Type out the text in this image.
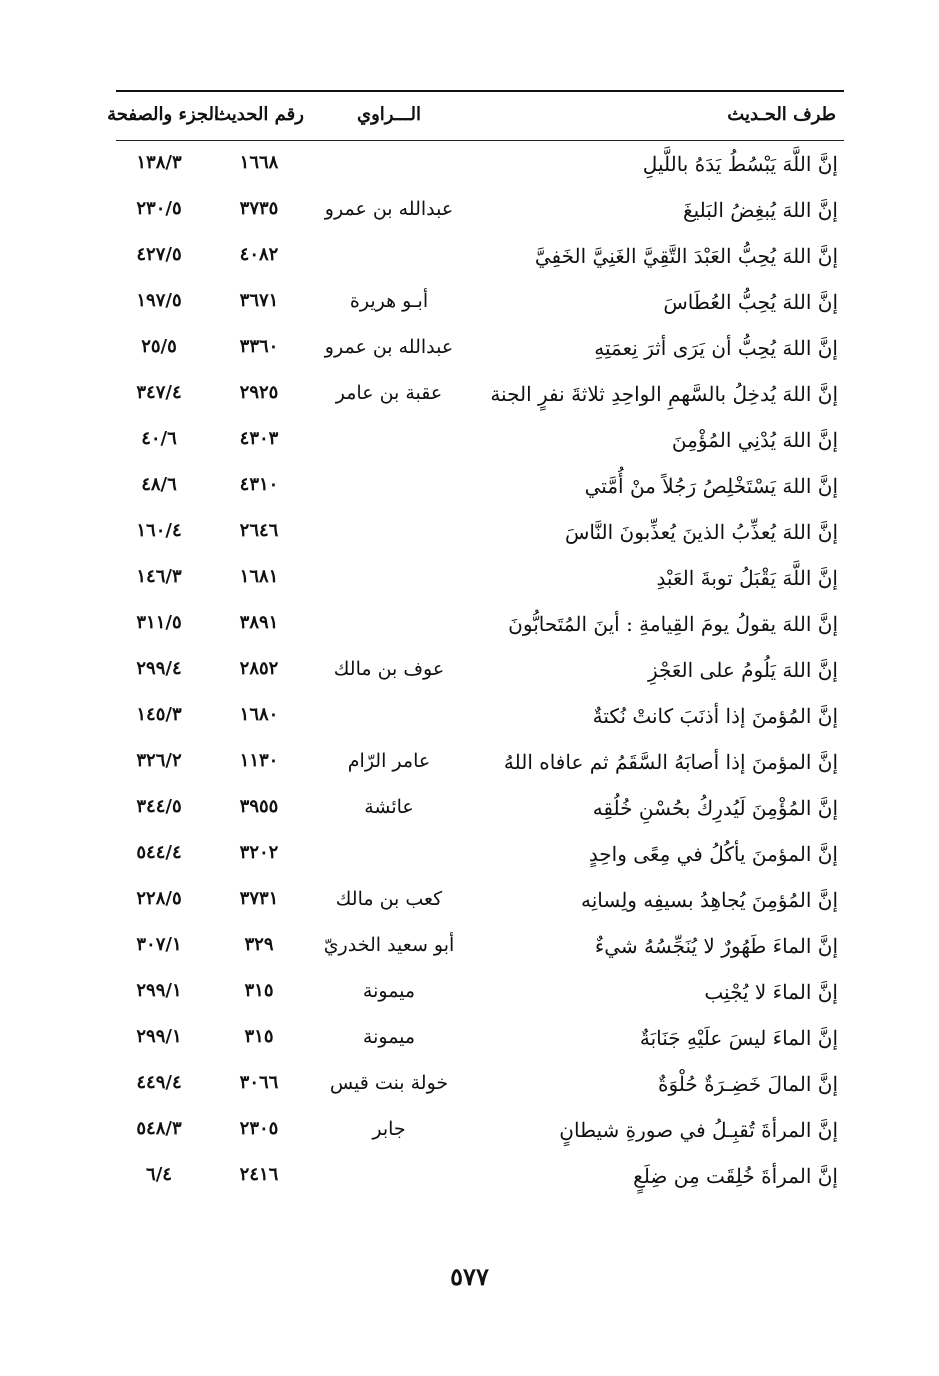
طرف الحـديث
الـــراوي
رقم الحديث
الجزء والصفحة
إنَّ اللَّهَ يَبْسُطُ يَدَهُ باللَّيلِ
١٦٦٨
١٣٨/٣
إنَّ اللهَ يُبغِضُ البَليغَ
عبدالله بن عمرو
٣٧٣٥
٢٣٠/٥
إنَّ اللهَ يُحِبُّ العَبْدَ التَّقِيَّ الغَنِيَّ الخَفِيَّ
٤٠٨٢
٤٢٧/٥
إنَّ اللهَ يُحِبُّ العُطَاسَ
أبـو هريرة
٣٦٧١
١٩٧/٥
إنَّ اللهَ يُحِبُّ أن يَرَى أثرَ نِعمَتِهِ
عبدالله بن عمرو
٣٣٦٠
٢٥/٥
إنَّ اللهَ يُدخِلُ بالسَّهمِ الواحِدِ ثلاثةَ نفرٍ الجنة
عقبة بن عامر
٢٩٢٥
٣٤٧/٤
إنَّ اللهَ يُدْنِي المُؤْمِنَ
٤٣٠٣
٤٠/٦
إنَّ اللهَ يَسْتَخْلِصُ رَجُلاً منْ أُمَّتي
٤٣١٠
٤٨/٦
إنَّ اللهَ يُعذِّبُ الذينَ يُعذِّبونَ النَّاسَ
٢٦٤٦
١٦٠/٤
إنَّ اللَّهَ يَقْبَلُ توبةَ العَبْدِ
١٦٨١
١٤٦/٣
إنَّ اللهَ يقولُ يومَ القِيامةِ : أينَ المُتَحابُّونَ
٣٨٩١
٣١١/٥
إنَّ اللهَ يَلُومُ على العَجْزِ
عوف بن مالك
٢٨٥٢
٢٩٩/٤
إنَّ المُؤمنَ إذا أذنَبَ كانتْ نُكتةٌ
١٦٨٠
١٤٥/٣
إنَّ المؤمنَ إذا أصابَهُ السَّقَمُ ثم عافاه اللهُ
عامر الرّام
١١٣٠
٣٢٦/٢
إنَّ المُؤْمِنَ لَيُدرِكُ بحُسْنِ خُلُقِه
عائشة
٣٩٥٥
٣٤٤/٥
إنَّ المؤمنَ يأكُلُ في مِعًى واحِدٍ
٣٢٠٢
٥٤٤/٤
إنَّ المُؤمِنَ يُجاهِدُ بسيفِه ولِسانِه
كعب بن مالك
٣٧٣١
٢٢٨/٥
إنَّ الماءَ طَهُورٌ لا يُنَجِّسُهُ شيءٌ
أبو سعيد الخدريّ
٣٢٩
٣٠٧/١
إنَّ الماءَ لا يُجْنِب
ميمونة
٣١٥
٢٩٩/١
إنَّ الماءَ ليسَ علَيْهِ جَنَابَةٌ
ميمونة
٣١٥
٢٩٩/١
إنَّ المالَ خَضِـرَةٌ حُلْوَةٌ
خولة بنت قيس
٣٠٦٦
٤٤٩/٤
إنَّ المرأةَ تُقبِـلُ في صورةِ شيطانٍ
جابر
٢٣٠٥
٥٤٨/٣
إنَّ المرأةَ خُلِقَت مِن ضِلَعٍ
٢٤١٦
٦/٤
٥٧٧
